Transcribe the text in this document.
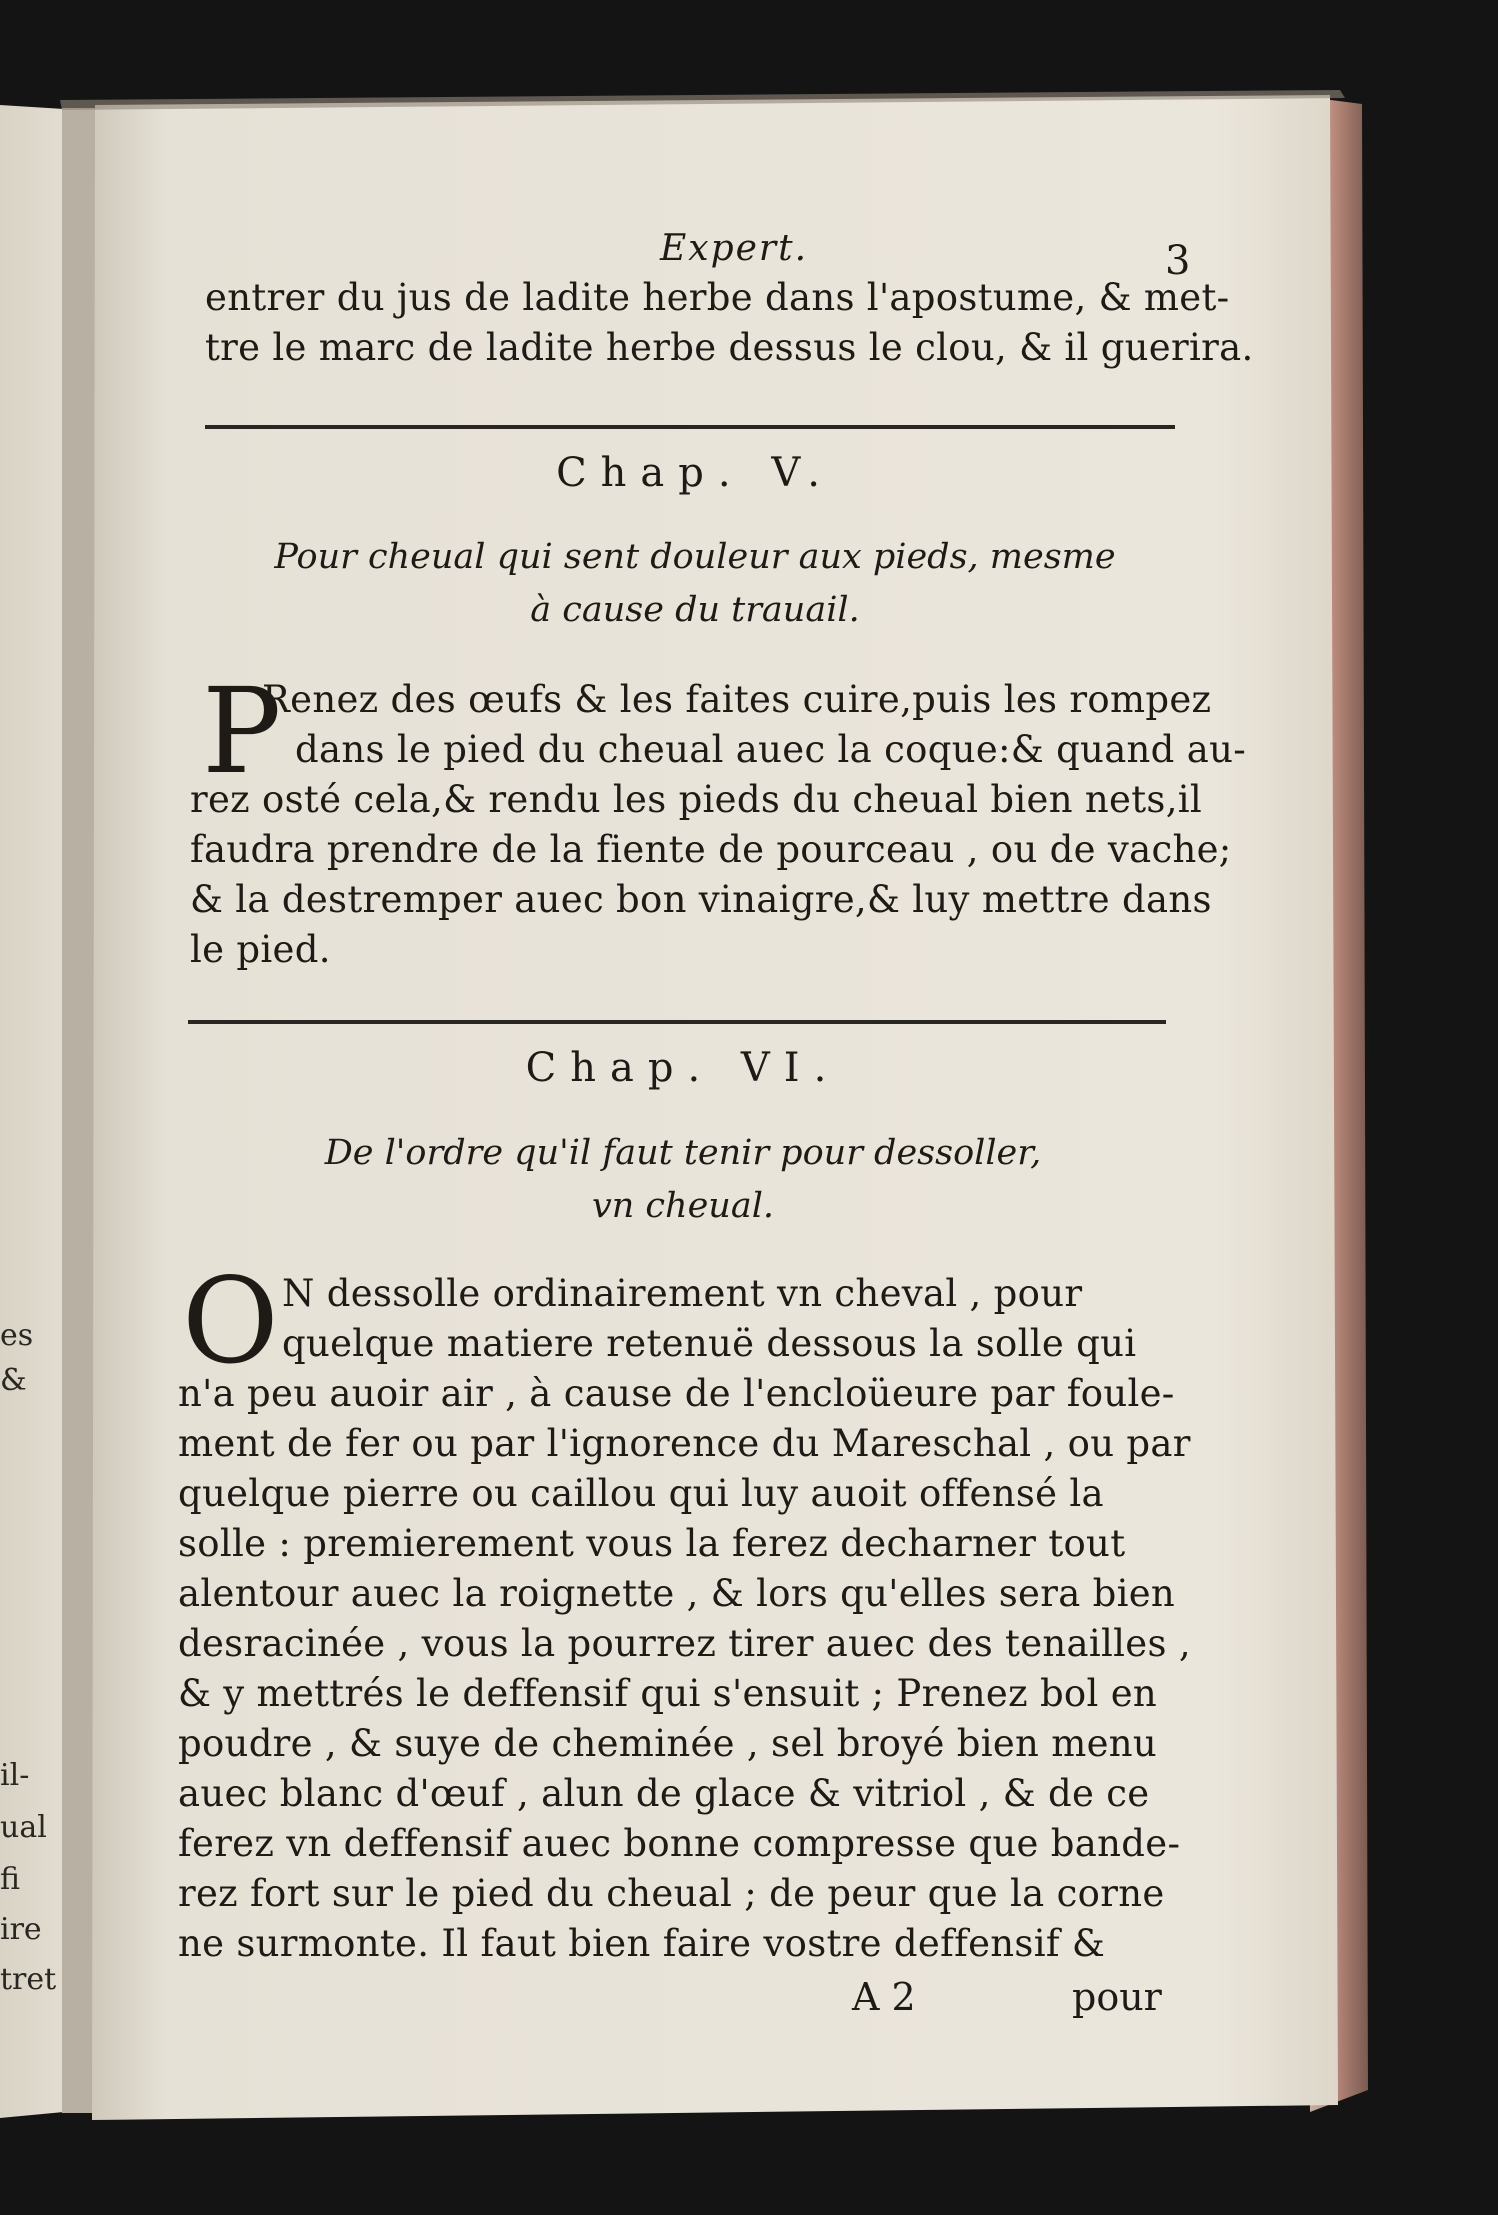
Expert.	3
entrer du jus de ladite herbe dans l'apostume, & met-
tre le marc de ladite herbe dessus le clou, & il guerira.
Chap. V.
Pour cheual qui sent douleur aux pieds, mesme
à cause du trauail.
P
Renez des œufs & les faites cuire,puis les rompez
dans le pied du cheual auec la coque:& quand au-
rez osté cela,& rendu les pieds du cheual bien nets,il
faudra prendre de la fiente de pourceau , ou de vache;
& la destremper auec bon vinaigre,& luy mettre dans
le pied.
Chap. VI.
De l'ordre qu'il faut tenir pour dessoller,
vn cheual.
O N dessolle ordinairement vn cheval , pour
quelque matiere retenuë dessous la solle qui
n'a peu auoir air , à cause de l'encloüeure par foule-
ment de fer ou par l'ignorence du Mareschal , ou par
quelque pierre ou caillou qui luy auoit offensé la
solle : premierement vous la ferez decharner tout
alentour auec la roignette , & lors qu'elles sera bien
desracinée , vous la pourrez tirer auec des tenailles ,
& y mettrés le deffensif qui s'ensuit ; Prenez bol en
poudre , & suye de cheminée , sel broyé bien menu
auec blanc d'œuf , alun de glace & vitriol , & de ce
ferez vn deffensif auec bonne compresse que bande-
rez fort sur le pied du cheual ; de peur que la corne
ne surmonte. Il faut bien faire vostre deffensif &
A 2	pour
es
&
il-
ual
fi
ire
tret
